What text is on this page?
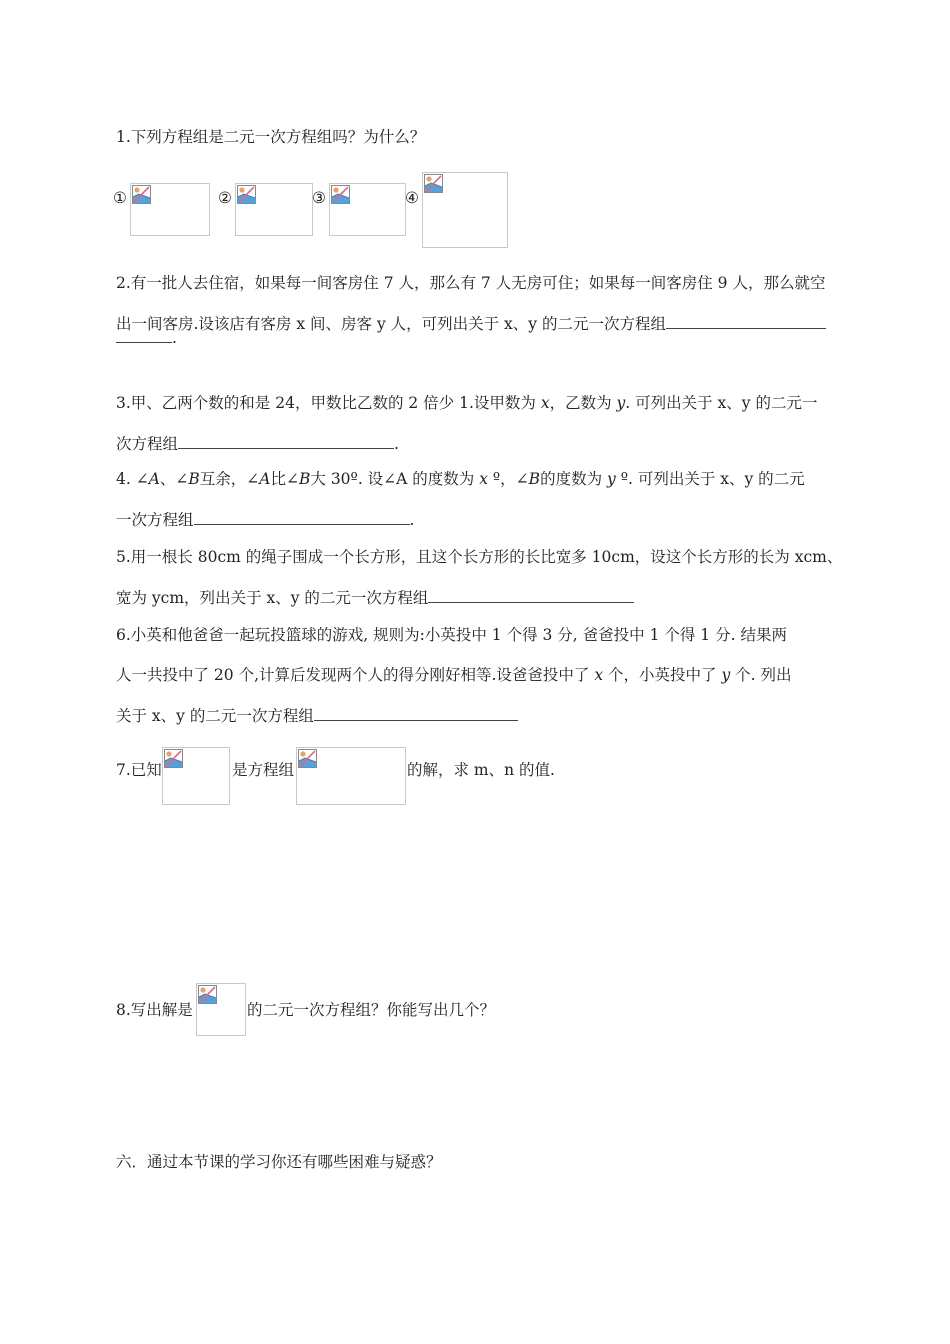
1.下列方程组是二元一次方程组吗？为什么？
①	②	③	④
2.有一批人去住宿，如果每一间客房住 7 人，那么有 7 人无房可住；如果每一间客房住 9 人，那么就空
出一间客房.设该店有客房 x 间、房客 y 人，可列出关于 x、y 的二元一次方程组
.
3.甲、乙两个数的和是 24，甲数比乙数的 2 倍少 1.设甲数为 x，乙数为 y. 可列出关于 x、y 的二元一
次方程组	.
4. ∠A、∠B互余，∠A比∠B大 30º. 设∠A 的度数为 x º，∠B的度数为 y º. 可列出关于 x、y 的二元
一次方程组	.
5.用一根长 80cm 的绳子围成一个长方形，且这个长方形的长比宽多 10cm，设这个长方形的长为 xcm、
宽为 ycm，列出关于 x、y 的二元一次方程组
6.小英和他爸爸一起玩投篮球的游戏, 规则为:小英投中 1 个得 3 分, 爸爸投中 1 个得 1 分. 结果两
人一共投中了 20 个,计算后发现两个人的得分刚好相等.设爸爸投中了 x 个，小英投中了 y 个. 列出
关于 x、y 的二元一次方程组
7.已知	是方程组	的解，求 m、n 的值.
8.写出解是	的二元一次方程组？你能写出几个？
六．通过本节课的学习你还有哪些困难与疑惑？
